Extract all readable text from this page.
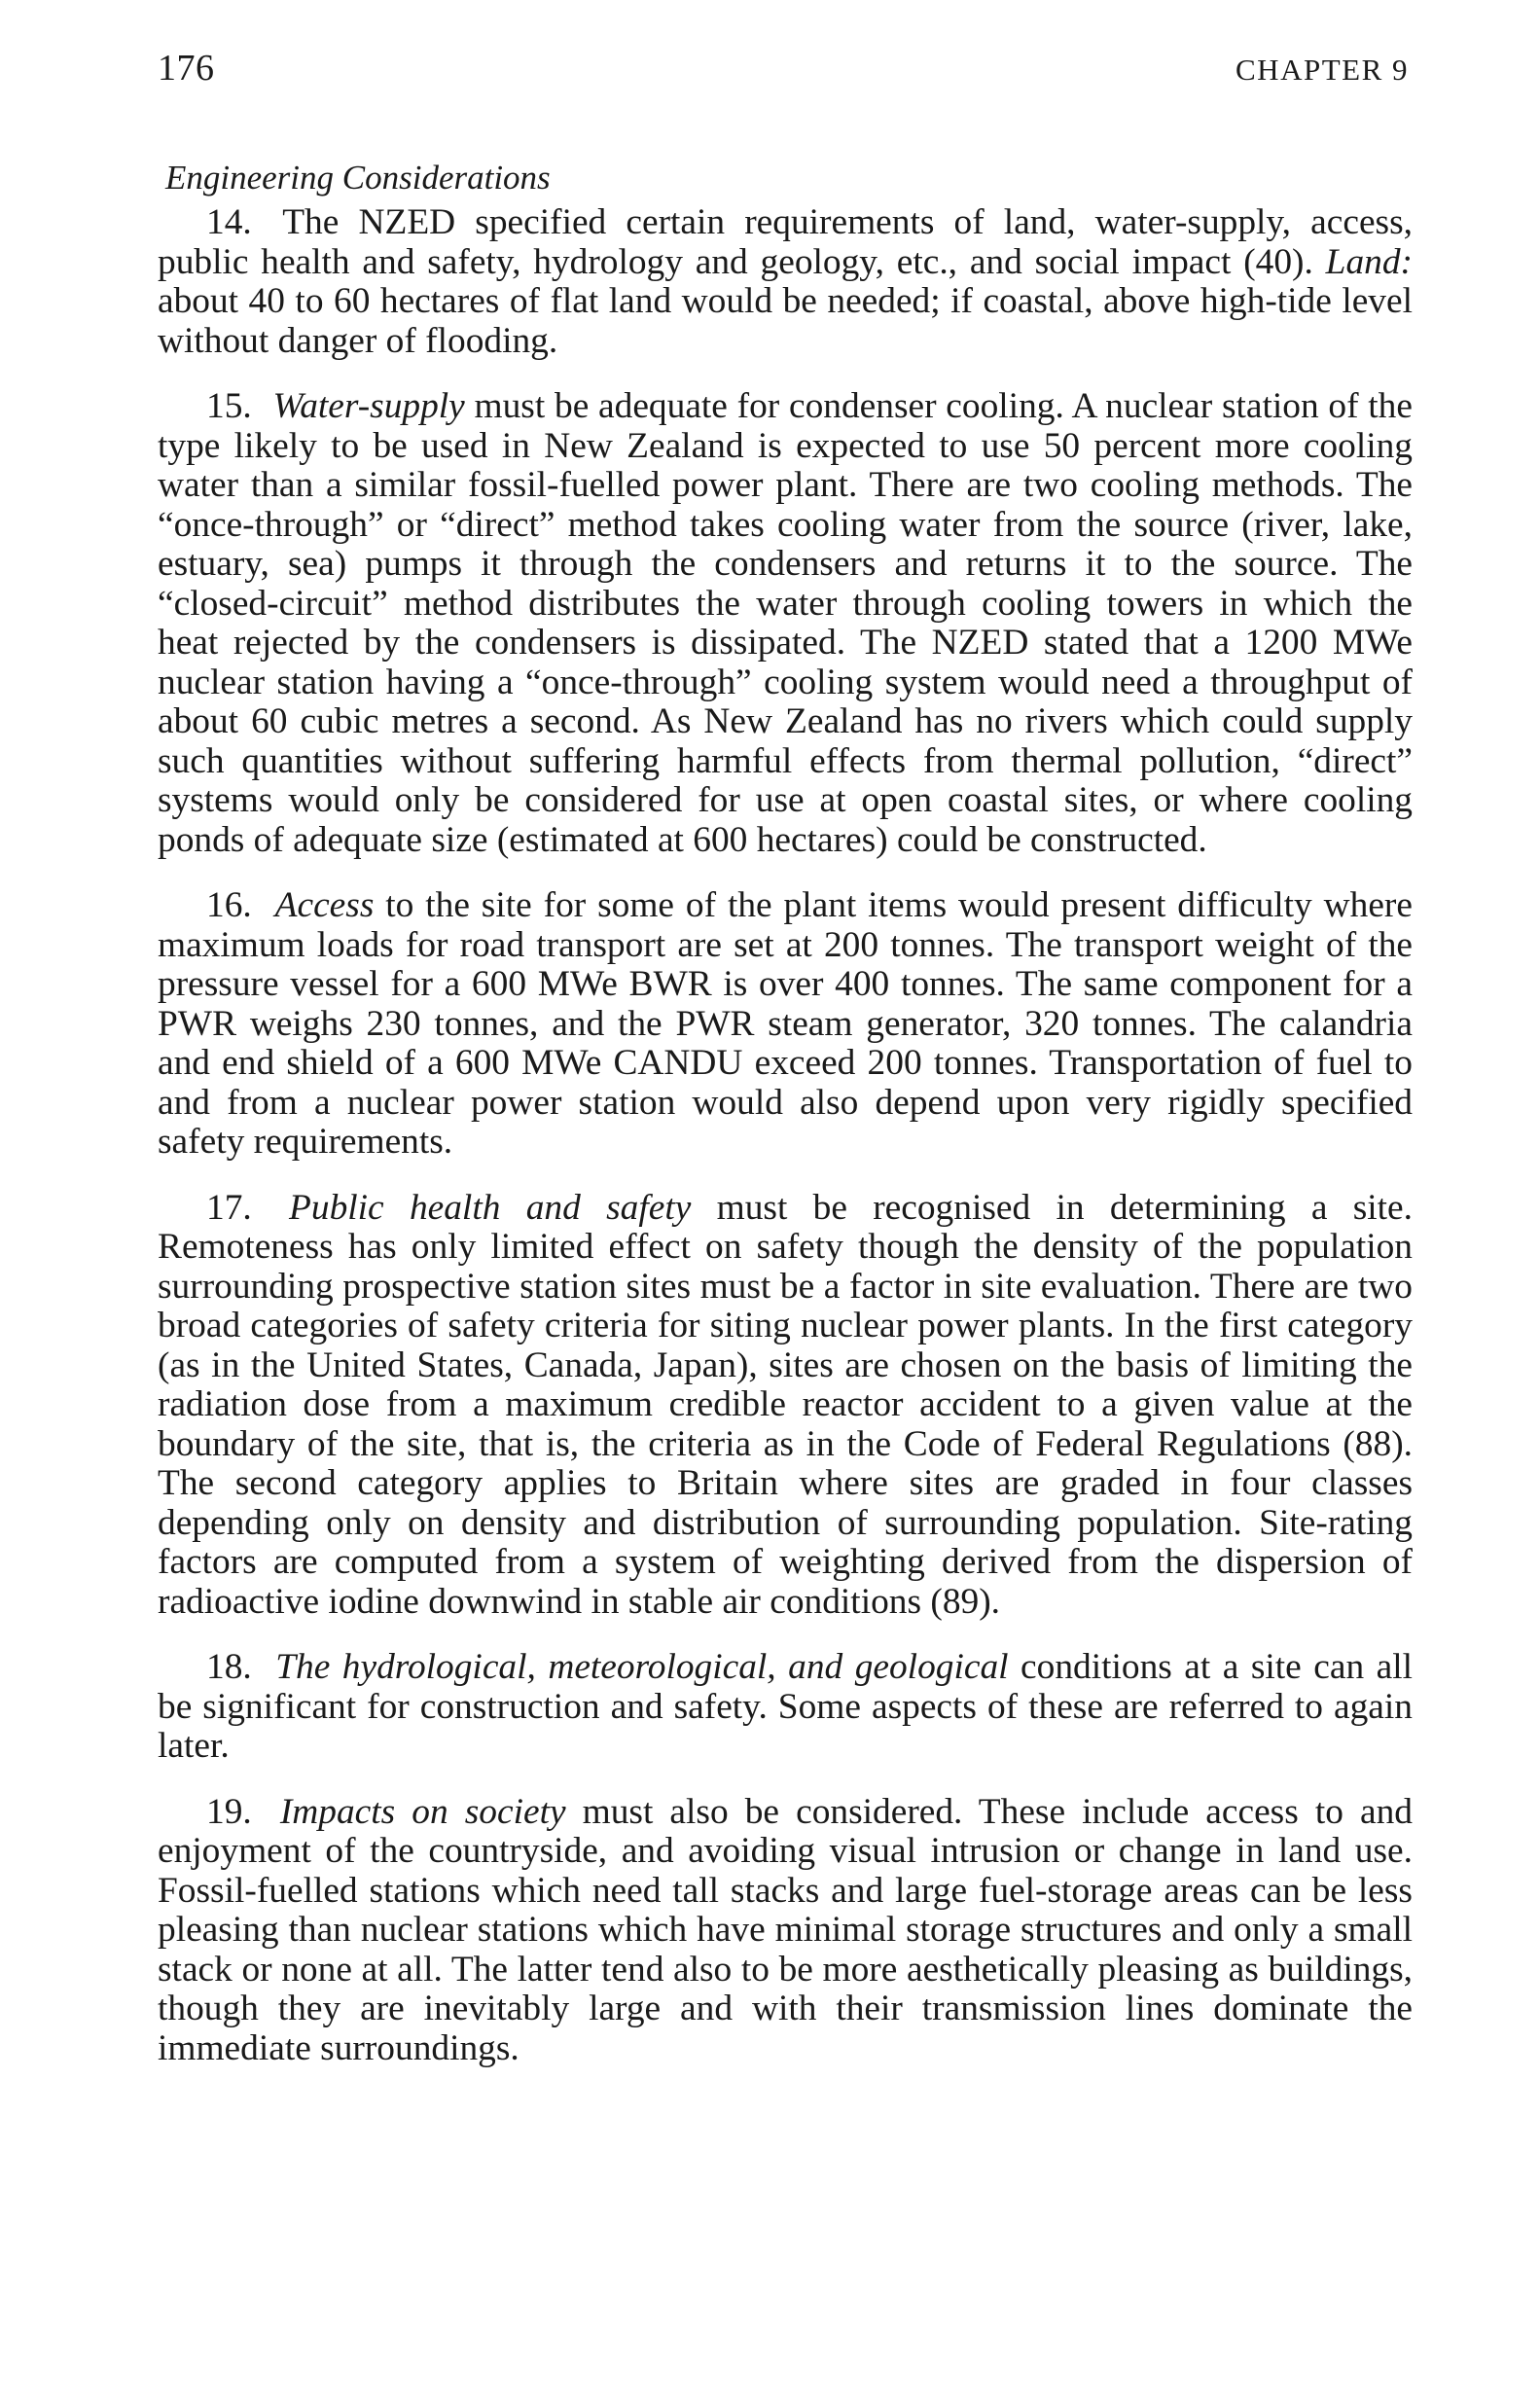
176	CHAPTER 9
Engineering Considerations

14. The NZED specified certain requirements of land, water-supply, access, public health and safety, hydrology and geology, etc., and social impact (40). Land: about 40 to 60 hectares of flat land would be needed; if coastal, above high-tide level without danger of flooding.

15. Water-supply must be adequate for condenser cooling. A nuclear station of the type likely to be used in New Zealand is expected to use 50 percent more cooling water than a similar fossil-fuelled power plant. There are two cooling methods. The “once-through” or “direct” method takes cooling water from the source (river, lake, estuary, sea) pumps it through the condensers and returns it to the source. The “closed-circuit” method distributes the water through cooling towers in which the heat rejected by the condensers is dissipated. The NZED stated that a 1200 MWe nuclear station having a “once-through” cooling system would need a throughput of about 60 cubic metres a second. As New Zealand has no rivers which could supply such quantities without suffering harmful effects from thermal pollution, “direct” systems would only be considered for use at open coastal sites, or where cooling ponds of adequate size (estimated at 600 hectares) could be constructed.

16. Access to the site for some of the plant items would present difficulty where maximum loads for road transport are set at 200 tonnes. The transport weight of the pressure vessel for a 600 MWe BWR is over 400 tonnes. The same component for a PWR weighs 230 tonnes, and the PWR steam generator, 320 tonnes. The calandria and end shield of a 600 MWe CANDU exceed 200 tonnes. Transportation of fuel to and from a nuclear power station would also depend upon very rigidly specified safety requirements.

17. Public health and safety must be recognised in determining a site. Remoteness has only limited effect on safety though the density of the population surrounding prospective station sites must be a factor in site evaluation. There are two broad categories of safety criteria for siting nuclear power plants. In the first category (as in the United States, Canada, Japan), sites are chosen on the basis of limiting the radiation dose from a maximum credible reactor accident to a given value at the boundary of the site, that is, the criteria as in the Code of Federal Regulations (88). The second category applies to Britain where sites are graded in four classes depending only on density and distribution of surrounding population. Site-rating factors are computed from a system of weighting derived from the dispersion of radioactive iodine downwind in stable air conditions (89).

18. The hydrological, meteorological, and geological conditions at a site can all be significant for construction and safety. Some aspects of these are referred to again later.

19. Impacts on society must also be considered. These include access to and enjoyment of the countryside, and avoiding visual intrusion or change in land use. Fossil-fuelled stations which need tall stacks and large fuel-storage areas can be less pleasing than nuclear stations which have minimal storage structures and only a small stack or none at all. The latter tend also to be more aesthetically pleasing as buildings, though they are inevitably large and with their transmission lines dominate the immediate surroundings.
